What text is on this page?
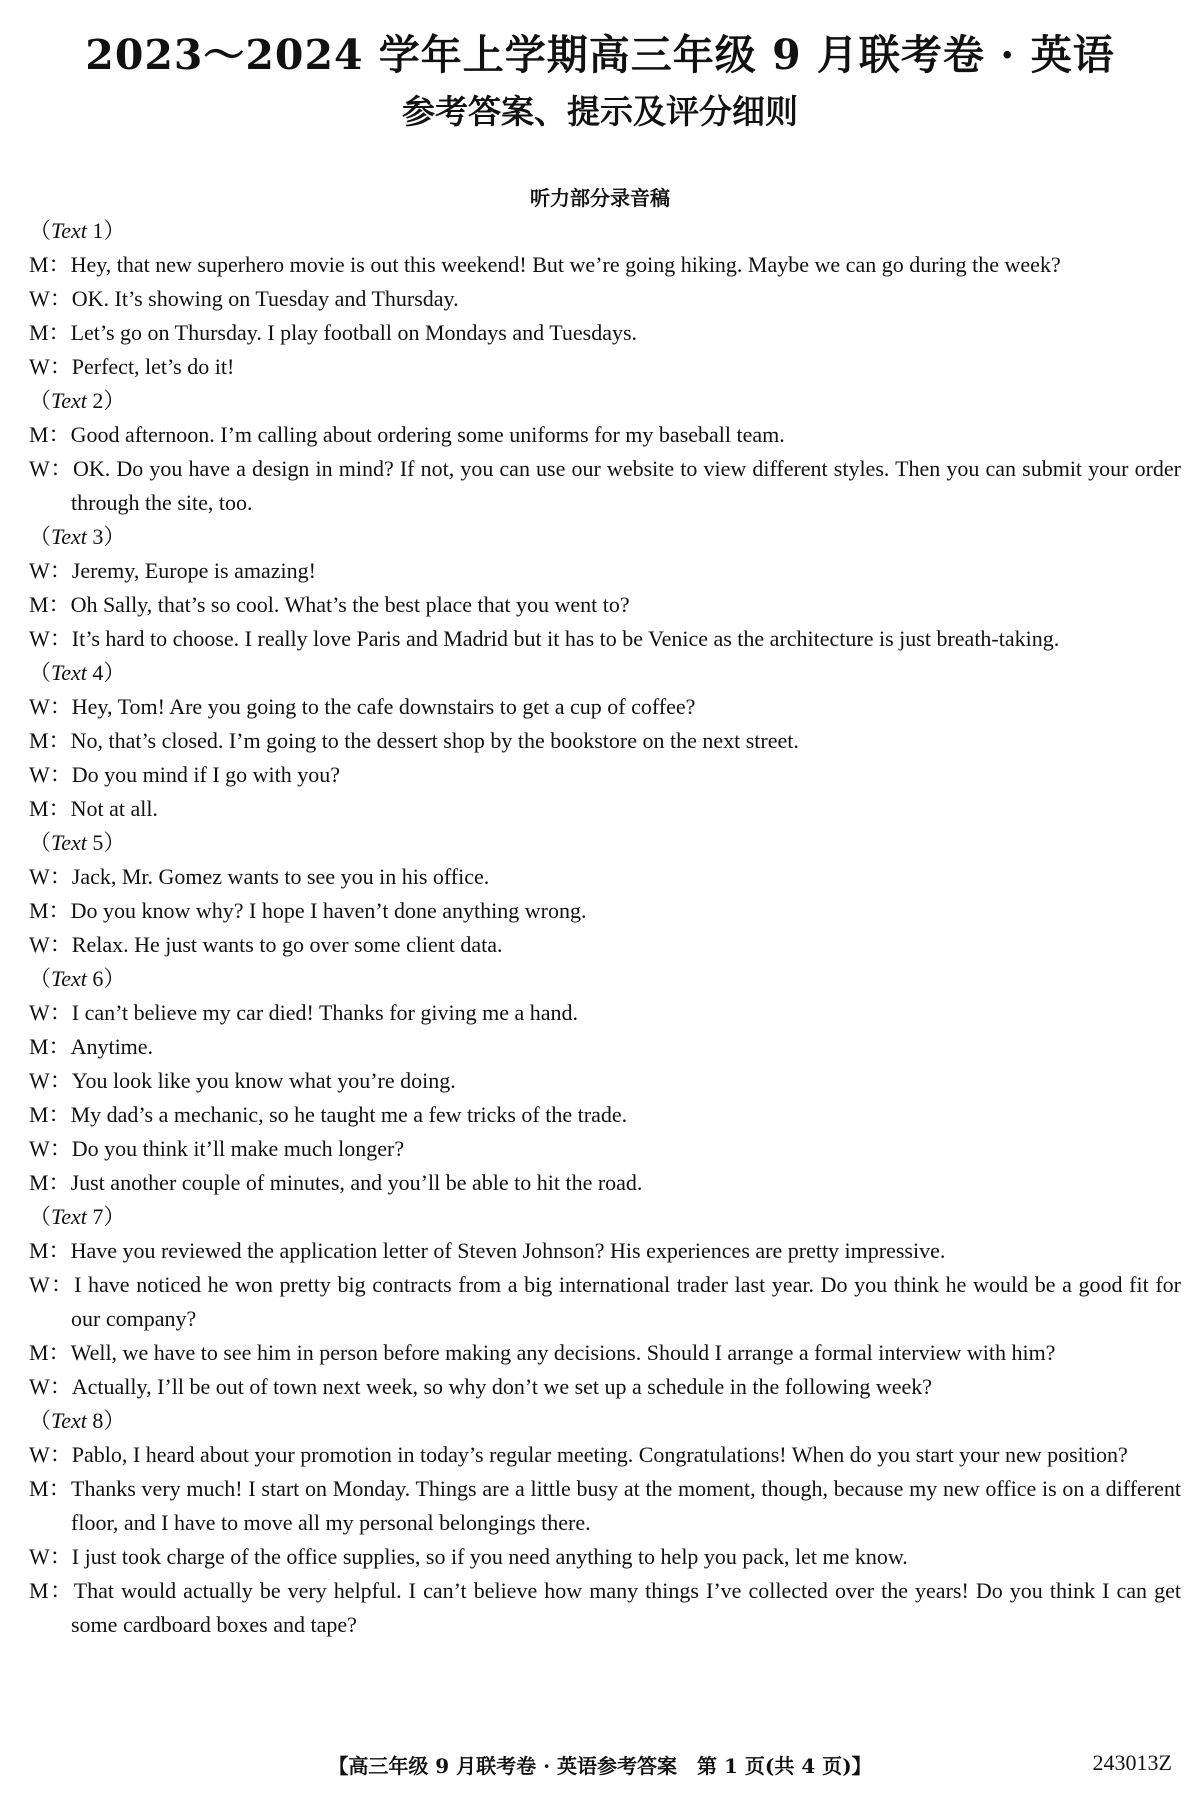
2023～2024 学年上学期高三年级 9 月联考卷 · 英语
参考答案、提示及评分细则
听力部分录音稿

（Text 1）

M：Hey, that new superhero movie is out this weekend! But we’re going hiking. Maybe we can go during the week?

W：OK. It’s showing on Tuesday and Thursday.

M：Let’s go on Thursday. I play football on Mondays and Tuesdays.

W：Perfect, let’s do it!

（Text 2）

M：Good afternoon. I’m calling about ordering some uniforms for my baseball team.

W：OK. Do you have a design in mind? If not, you can use our website to view different styles. Then you can submit your order through the site, too.

（Text 3）

W：Jeremy, Europe is amazing!

M：Oh Sally, that’s so cool. What’s the best place that you went to?

W：It’s hard to choose. I really love Paris and Madrid but it has to be Venice as the architecture is just breath-taking.

（Text 4）

W：Hey, Tom! Are you going to the cafe downstairs to get a cup of coffee?

M：No, that’s closed. I’m going to the dessert shop by the bookstore on the next street.

W：Do you mind if I go with you?

M：Not at all.

（Text 5）

W：Jack, Mr. Gomez wants to see you in his office.

M：Do you know why? I hope I haven’t done anything wrong.

W：Relax. He just wants to go over some client data.

（Text 6）

W：I can’t believe my car died! Thanks for giving me a hand.

M：Anytime.

W：You look like you know what you’re doing.

M：My dad’s a mechanic, so he taught me a few tricks of the trade.

W：Do you think it’ll make much longer?

M：Just another couple of minutes, and you’ll be able to hit the road.

（Text 7）

M：Have you reviewed the application letter of Steven Johnson? His experiences are pretty impressive.

W：I have noticed he won pretty big contracts from a big international trader last year. Do you think he would be a good fit for our company?

M：Well, we have to see him in person before making any decisions. Should I arrange a formal interview with him?

W：Actually, I’ll be out of town next week, so why don’t we set up a schedule in the following week?

（Text 8）

W：Pablo, I heard about your promotion in today’s regular meeting. Congratulations! When do you start your new position?

M：Thanks very much! I start on Monday. Things are a little busy at the moment, though, because my new office is on a different floor, and I have to move all my personal belongings there.

W：I just took charge of the office supplies, so if you need anything to help you pack, let me know.

M：That would actually be very helpful. I can’t believe how many things I’ve collected over the years! Do you think I can get some cardboard boxes and tape?

【高三年级 9 月联考卷 · 英语参考答案　第 1 页(共 4 页)】	243013Z
